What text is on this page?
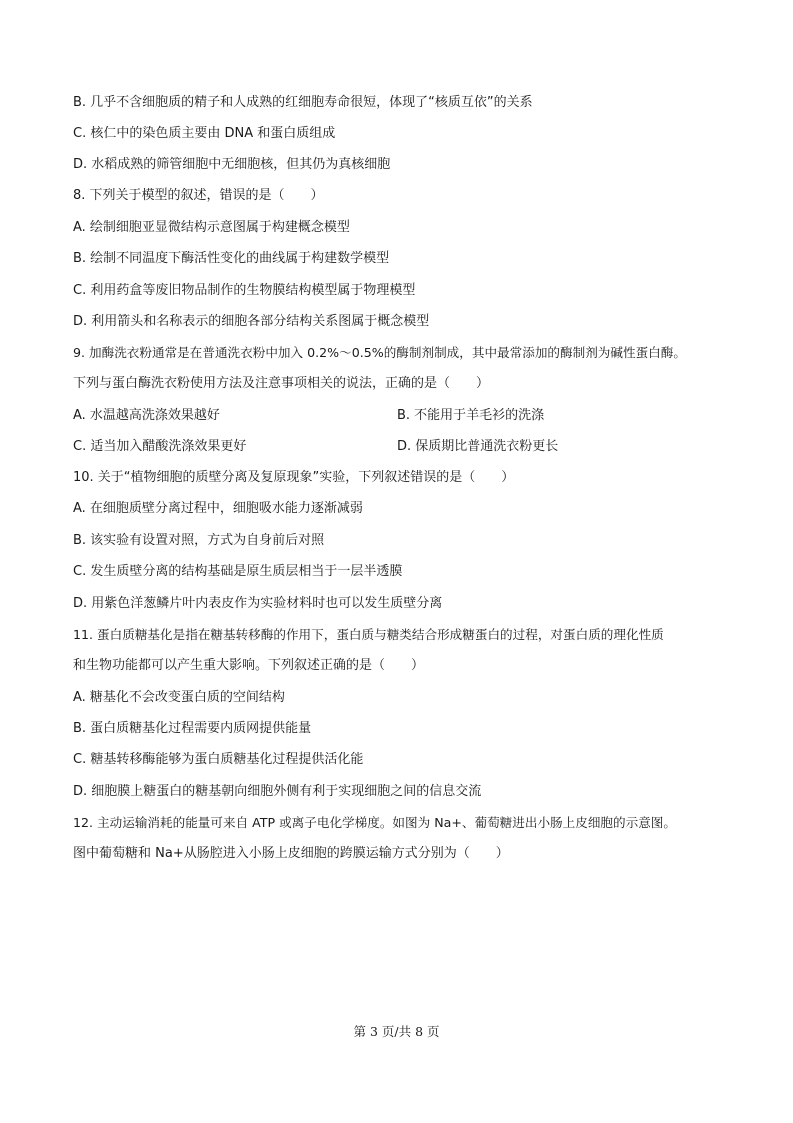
B. 几乎不含细胞质的精子和人成熟的红细胞寿命很短，体现了“核质互依”的关系
C. 核仁中的染色质主要由 DNA 和蛋白质组成
D. 水稻成熟的筛管细胞中无细胞核，但其仍为真核细胞
8. 下列关于模型的叙述，错误的是（　　）
A. 绘制细胞亚显微结构示意图属于构建概念模型
B. 绘制不同温度下酶活性变化的曲线属于构建数学模型
C. 利用药盒等废旧物品制作的生物膜结构模型属于物理模型
D. 利用箭头和名称表示的细胞各部分结构关系图属于概念模型
9. 加酶洗衣粉通常是在普通洗衣粉中加入 0.2%～0.5%的酶制剂制成，其中最常添加的酶制剂为碱性蛋白酶。
下列与蛋白酶洗衣粉使用方法及注意事项相关的说法，正确的是（　　）
A. 水温越高洗涤效果越好	B. 不能用于羊毛衫的洗涤
C. 适当加入醋酸洗涤效果更好	D. 保质期比普通洗衣粉更长
10. 关于“植物细胞的质壁分离及复原现象”实验，下列叙述错误的是（　　）
A. 在细胞质壁分离过程中，细胞吸水能力逐渐减弱
B. 该实验有设置对照，方式为自身前后对照
C. 发生质壁分离的结构基础是原生质层相当于一层半透膜
D. 用紫色洋葱鳞片叶内表皮作为实验材料时也可以发生质壁分离
11. 蛋白质糖基化是指在糖基转移酶的作用下，蛋白质与糖类结合形成糖蛋白的过程，对蛋白质的理化性质
和生物功能都可以产生重大影响。下列叙述正确的是（　　）
A. 糖基化不会改变蛋白质的空间结构
B. 蛋白质糖基化过程需要内质网提供能量
C. 糖基转移酶能够为蛋白质糖基化过程提供活化能
D. 细胞膜上糖蛋白的糖基朝向细胞外侧有利于实现细胞之间的信息交流
12. 主动运输消耗的能量可来自 ATP 或离子电化学梯度。如图为 Na+、葡萄糖进出小肠上皮细胞的示意图。
图中葡萄糖和 Na+从肠腔进入小肠上皮细胞的跨膜运输方式分别为（　　）
第 3 页/共 8 页
